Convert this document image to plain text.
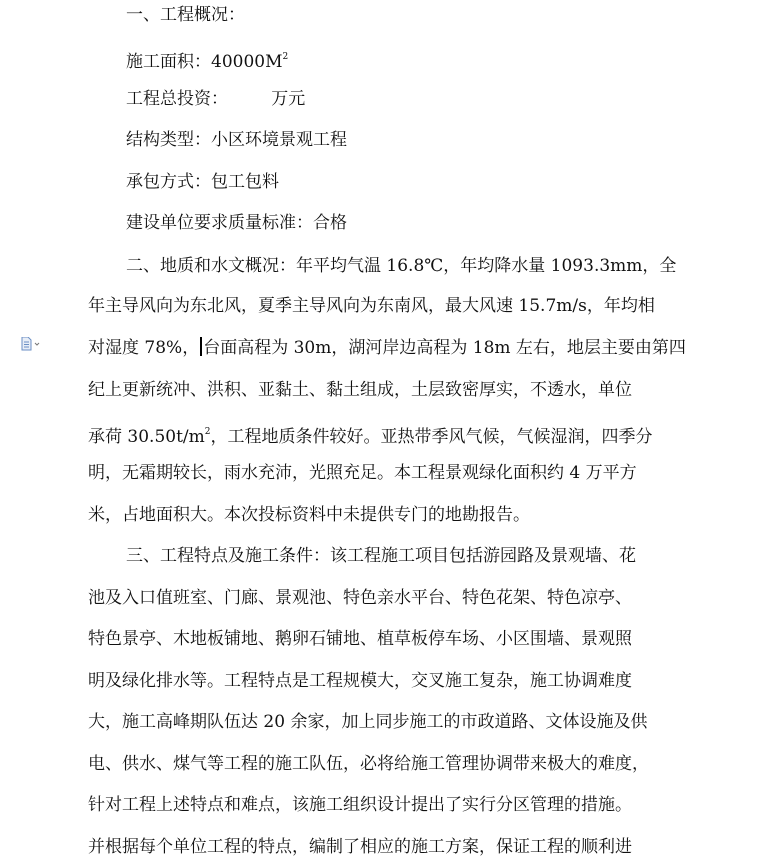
一、工程概况：
施工面积：$40000M^2$
工程总投资：        万元
结构类型：小区环境景观工程
承包方式：包工包料
建设单位要求质量标准：合格
二、地质和水文概况：年平均气温 16.8℃，年均降水量 1093.3mm，全
年主导风向为东北风，夏季主导风向为东南风，最大风速 15.7m/s，年均相
对湿度 78%， 台面高程为 30m，湖河岸边高程为 18m 左右，地层主要由第四
纪上更新统冲、洪积、亚黏土、黏土组成，土层致密厚实，不透水，单位
承荷 $30.50t/m^2$，工程地质条件较好。亚热带季风气候，气候湿润，四季分
明，无霜期较长，雨水充沛，光照充足。本工程景观绿化面积约 4 万平方
米，占地面积大。本次投标资料中未提供专门的地勘报告。
三、工程特点及施工条件：该工程施工项目包括游园路及景观墙、花
池及入口值班室、门廊、景观池、特色亲水平台、特色花架、特色凉亭、
特色景亭、木地板铺地、鹅卵石铺地、植草板停车场、小区围墙、景观照
明及绿化排水等。工程特点是工程规模大，交叉施工复杂，施工协调难度
大，施工高峰期队伍达 20 余家，加上同步施工的市政道路、文体设施及供
电、供水、煤气等工程的施工队伍，必将给施工管理协调带来极大的难度，
针对工程上述特点和难点，该施工组织设计提出了实行分区管理的措施。
并根据每个单位工程的特点，编制了相应的施工方案，保证工程的顺利进
